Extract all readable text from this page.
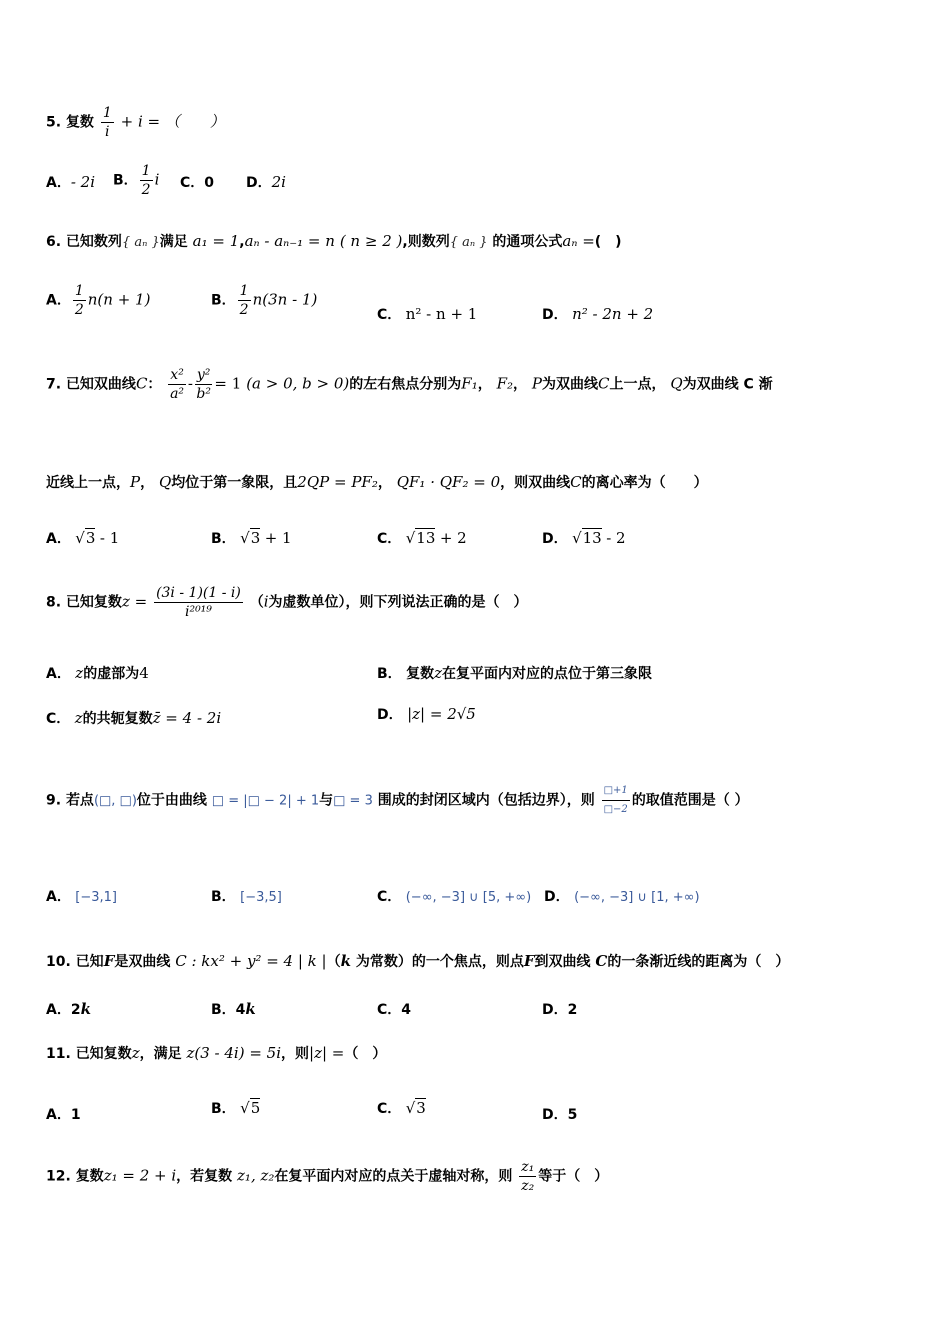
5. 复数 $\frac{1}{i} + i$ = （　　）
A．- 2i B． $\frac{1}{2}$ i C．0 D．2i
6. 已知数列{ aₙ }满足 a₁ = 1,aₙ - aₙ₋₁ = n ( n ≥ 2 ),则数列{ aₙ } 的通项公式aₙ =(　)
A． $\frac{1}{2} n(n + 1)$	B． $\frac{1}{2} n(3n - 1)$
C． n² - n + 1	D． n² - 2n + 2
7. 已知双曲线C： $\frac{\text{x²}}{\text{a²}} - \frac{\text{y²}}{\text{b²}} = 1$ (a > 0, b > 0)的左右焦点分别为F₁， F₂， P为双曲线C上一点， Q为双曲线 C 渐
近线上一点，P， Q均位于第一象限，且2QP = PF₂， QF₁ · QF₂ = 0，则双曲线C的离心率为（　　）
A． √3 - 1	B． √3 + 1	C． √13 + 2	D． √13 - 2
8. 已知复数$z = \frac{(3i - 1)(1 - i)}{\text{i²⁰¹⁹}} (i$为虚数单位），则下列说法正确的是（　）
A． z的虚部为4	B． 复数z在复平面内对应的点位于第三象限
C． z的共轭复数z̄ = 4 - 2i	D． |z| = 2√5
9. 若点(□, □)位于由曲线 □ = |□ − 2| + 1与□ = 3 围成的封闭区域内（包括边界），则 $\frac{□+1}{□-2}$ 的取值范围是（ ）
A． [−3,1]	B． [−3,5]	C． (−∞, −3] ∪ [5, +∞) D． (−∞, −3] ∪ [1, +∞)
10. 已知F是双曲线 C : kx² + y² = 4 | k |（k 为常数）的一个焦点，则点F到双曲线 C的一条渐近线的距离为（　）
A．2k	B．4k	C．4	D．2
11. 已知复数z，满足 z(3 - 4i) = 5i，则|z| =（　）
A．1	B． √5	C． √3	D．5
12. 复数z₁ = 2 + i，若复数 z₁, z₂在复平面内对应的点关于虚轴对称，则 $\frac{\text{z₁}}{\text{z₂}}$ 等于（　）
